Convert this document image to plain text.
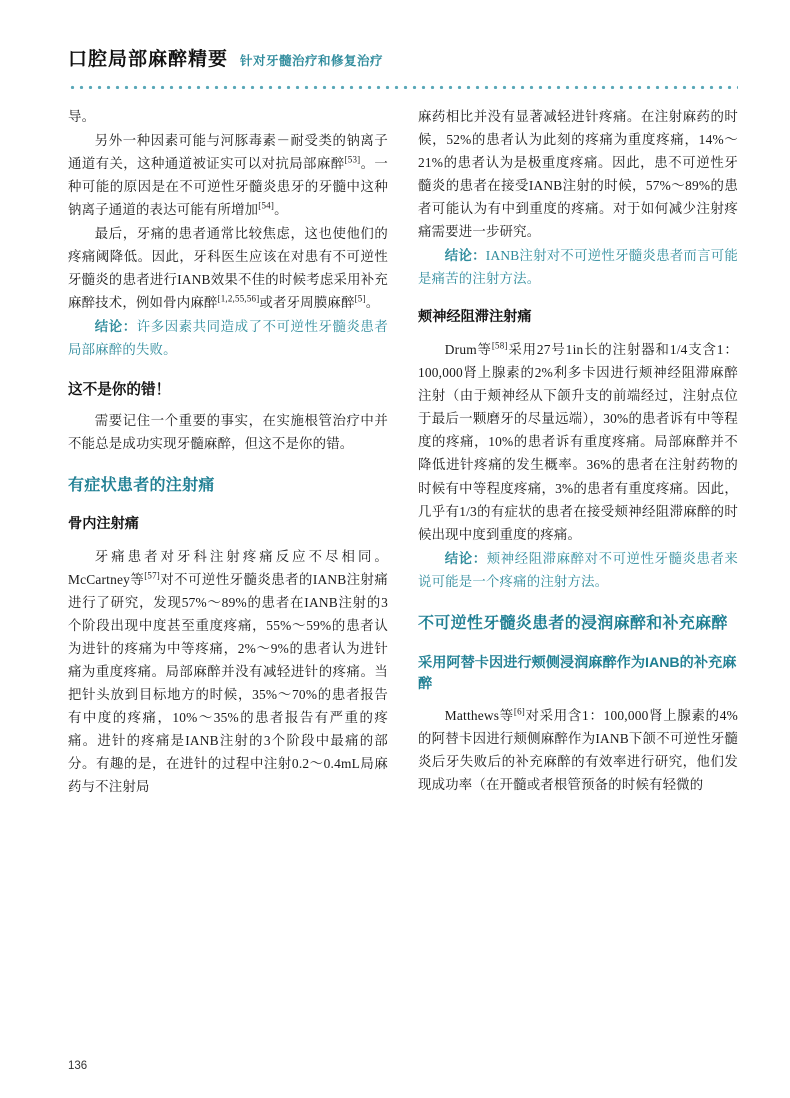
口腔局部麻醉精要 针对牙髓治疗和修复治疗

导。

另外一种因素可能与河豚毒素－耐受类的钠离子通道有关，这种通道被证实可以对抗局部麻醉[53]。一种可能的原因是在不可逆性牙髓炎患牙的牙髓中这种钠离子通道的表达可能有所增加[54]。

最后，牙痛的患者通常比较焦虑，这也使他们的疼痛阈降低。因此，牙科医生应该在对患有不可逆性牙髓炎的患者进行IANB效果不佳的时候考虑采用补充麻醉技术，例如骨内麻醉[1,2,55,56]或者牙周膜麻醉[5]。

结论：许多因素共同造成了不可逆性牙髓炎患者局部麻醉的失败。

这不是你的错！

需要记住一个重要的事实，在实施根管治疗中并不能总是成功实现牙髓麻醉，但这不是你的错。

有症状患者的注射痛
骨内注射痛

牙痛患者对牙科注射疼痛反应不尽相同。McCartney等[57]对不可逆性牙髓炎患者的IANB注射痛进行了研究，发现57%～89%的患者在IANB注射的3个阶段出现中度甚至重度疼痛，55%～59%的患者认为进针的疼痛为中等疼痛，2%～9%的患者认为进针痛为重度疼痛。局部麻醉并没有减轻进针的疼痛。当把针头放到目标地方的时候，35%～70%的患者报告有中度的疼痛，10%～35%的患者报告有严重的疼痛。进针的疼痛是IANB注射的3个阶段中最痛的部分。有趣的是，在进针的过程中注射0.2～0.4mL局麻药与不注射局

麻药相比并没有显著减轻进针疼痛。在注射麻药的时候，52%的患者认为此刻的疼痛为重度疼痛，14%～21%的患者认为是极重度疼痛。因此，患不可逆性牙髓炎的患者在接受IANB注射的时候，57%～89%的患者可能认为有中到重度的疼痛。对于如何减少注射疼痛需要进一步研究。

结论：IANB注射对不可逆性牙髓炎患者而言可能是痛苦的注射方法。

颊神经阻滞注射痛

Drum等[58]采用27号1in长的注射器和1/4支含1：100,000肾上腺素的2%利多卡因进行颊神经阻滞麻醉注射（由于颊神经从下颌升支的前端经过，注射点位于最后一颗磨牙的尽量远端），30%的患者诉有中等程度的疼痛，10%的患者诉有重度疼痛。局部麻醉并不降低进针疼痛的发生概率。36%的患者在注射药物的时候有中等程度疼痛，3%的患者有重度疼痛。因此，几乎有1/3的有症状的患者在接受颊神经阻滞麻醉的时候出现中度到重度的疼痛。

结论：颊神经阻滞麻醉对不可逆性牙髓炎患者来说可能是一个疼痛的注射方法。

不可逆性牙髓炎患者的浸润麻醉和补充麻醉
采用阿替卡因进行颊侧浸润麻醉作为IANB的补充麻醉

Matthews等[6]对采用含1：100,000肾上腺素的4%的阿替卡因进行颊侧麻醉作为IANB下颌不可逆性牙髓炎后牙失败后的补充麻醉的有效率进行研究，他们发现成功率（在开髓或者根管预备的时候有轻微的

136
